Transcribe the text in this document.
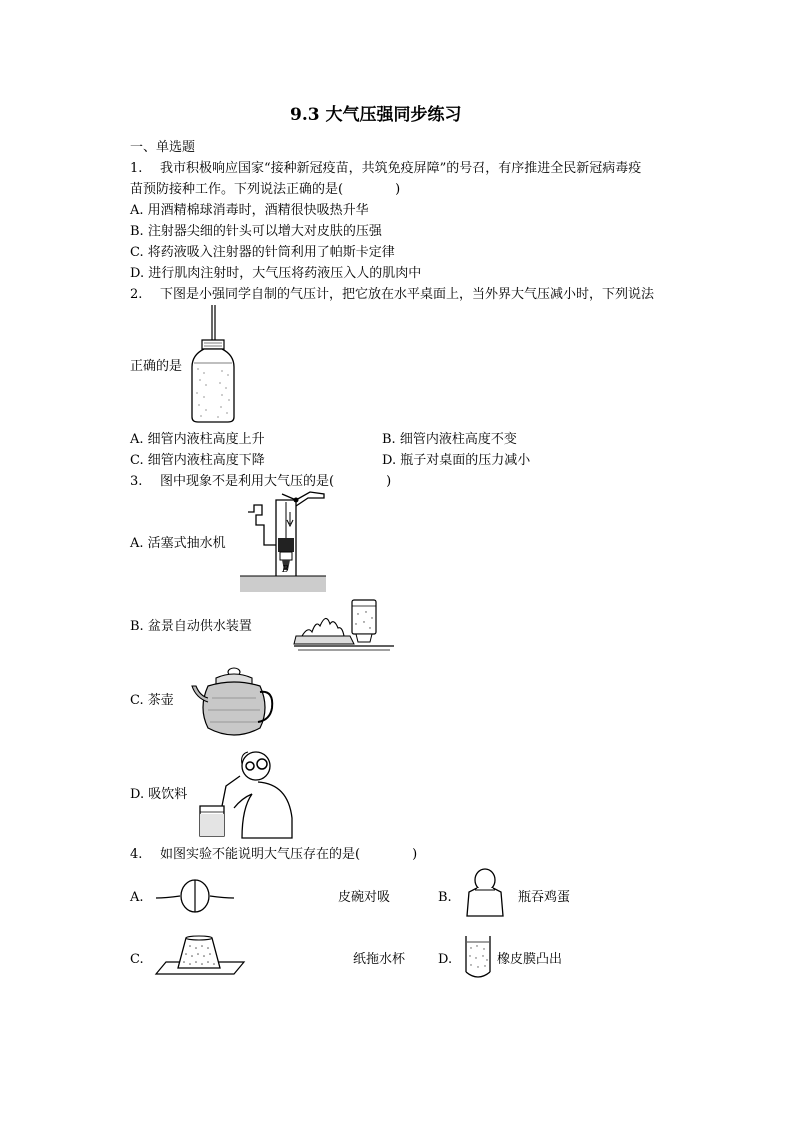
9.3 大气压强同步练习
一、单选题
1. 我市积极响应国家“接种新冠疫苗，共筑免疫屏障”的号召，有序推进全民新冠病毒疫
苗预防接种工作。下列说法正确的是(　　　　)
A. 用酒精棉球消毒时，酒精很快吸热升华
B. 注射器尖细的针头可以增大对皮肤的压强
C. 将药液吸入注射器的针筒利用了帕斯卡定律
D. 进行肌肉注射时，大气压将药液压入人的肌肉中
2. 下图是小强同学自制的气压计，把它放在水平桌面上，当外界大气压减小时，下列说法
正确的是
A. 细管内液柱高度上升	B. 细管内液柱高度不变
C. 细管内液柱高度下降	D. 瓶子对桌面的压力减小
3. 图中现象不是利用大气压的是(　　　　)
A. 活塞式抽水机
B
B. 盆景自动供水装置
C. 茶壶
D. 吸饮料
4. 如图实验不能说明大气压存在的是(　　　　)
A.	皮碗对吸	B.	瓶吞鸡蛋
C.	纸拖水杯	D.	橡皮膜凸出
